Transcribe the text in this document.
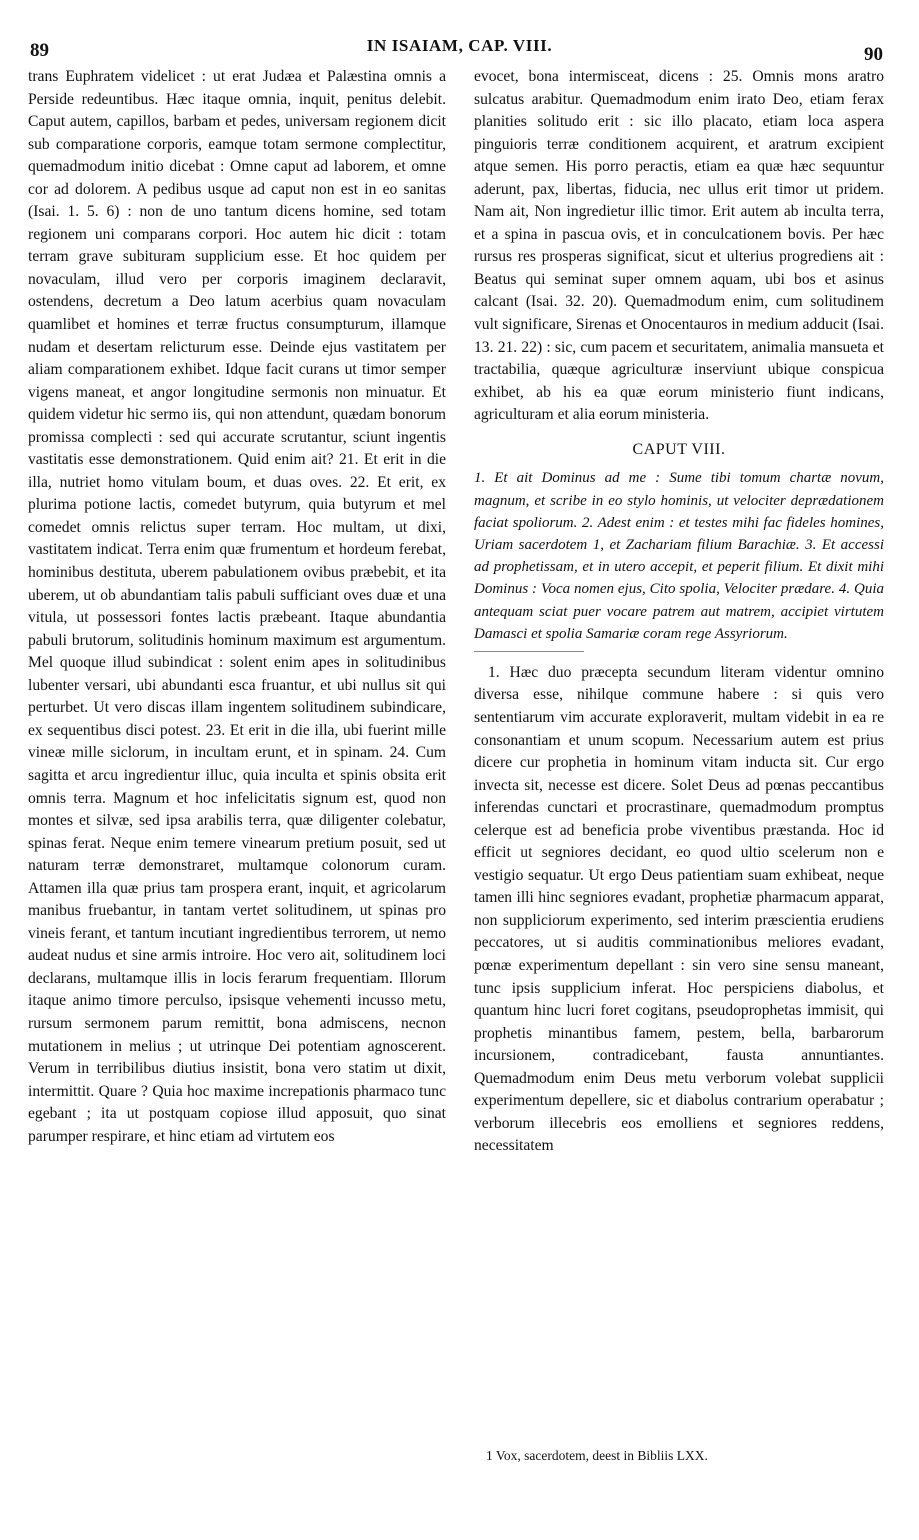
89	IN ISAIAM, CAP. VIII.	90

trans Euphratem videlicet : ut erat Judæa et Palæstina omnis a Perside redeuntibus. Hæc itaque omnia, inquit, penitus delebit. Caput autem, capillos, barbam et pedes, universam regionem dicit sub comparatione corporis, eamque totam sermone complectitur, quemadmodum initio dicebat : Omne caput ad laborem, et omne cor ad dolorem. A pedibus usque ad caput non est in eo sanitas (Isai. 1. 5. 6) : non de uno tantum dicens homine, sed totam regionem uni comparans corpori. Hoc autem hic dicit : totam terram grave subituram supplicium esse. Et hoc quidem per novaculam, illud vero per corporis imaginem declaravit, ostendens, decretum a Deo latum acerbius quam novaculam quamlibet et homines et terræ fructus consumpturum, illamque nudam et desertam relicturum esse. Deinde ejus vastitatem per aliam comparationem exhibet. Idque facit curans ut timor semper vigens maneat, et angor longitudine sermonis non minuatur. Et quidem videtur hic sermo iis, qui non attendunt, quædam bonorum promissa complecti : sed qui accurate scrutantur, sciunt ingentis vastitatis esse demonstrationem. Quid enim ait? 21. Et erit in die illa, nutriet homo vitulam boum, et duas oves. 22. Et erit, ex plurima potione lactis, comedet butyrum, quia butyrum et mel comedet omnis relictus super terram. Hoc multam, ut dixi, vastitatem indicat. Terra enim quæ frumentum et hordeum ferebat, hominibus destituta, uberem pabulationem ovibus præbebit, et ita uberem, ut ob abundantiam talis pabuli sufficiant oves duæ et una vitula, ut possessori fontes lactis præbeant. Itaque abundantia pabuli brutorum, solitudinis hominum maximum est argumentum. Mel quoque illud subindicat : solent enim apes in solitudinibus lubenter versari, ubi abundanti esca fruantur, et ubi nullus sit qui perturbet. Ut vero discas illam ingentem solitudinem subindicare, ex sequentibus disci potest. 23. Et erit in die illa, ubi fuerint mille vineæ mille siclorum, in incultam erunt, et in spinam. 24. Cum sagitta et arcu ingredientur illuc, quia inculta et spinis obsita erit omnis terra. Magnum et hoc infelicitatis signum est, quod non montes et silvæ, sed ipsa arabilis terra, quæ diligenter colebatur, spinas ferat. Neque enim temere vinearum pretium posuit, sed ut naturam terræ demonstraret, multamque colonorum curam. Attamen illa quæ prius tam prospera erant, inquit, et agricolarum manibus fruebantur, in tantam vertet solitudinem, ut spinas pro vineis ferant, et tantum incutiant ingredientibus terrorem, ut nemo audeat nudus et sine armis introire. Hoc vero ait, solitudinem loci declarans, multamque illis in locis ferarum frequentiam. Illorum itaque animo timore perculso, ipsisque vehementi incusso metu, rursum sermonem parum remittit, bona admiscens, necnon mutationem in melius ; ut utrinque Dei potentiam agnoscerent. Verum in terribilibus diutius insistit, bona vero statim ut dixit, intermittit. Quare ? Quia hoc maxime increpationis pharmaco tunc egebant ; ita ut postquam copiose illud apposuit, quo sinat parumper respirare, et hinc etiam ad virtutem eos

evocet, bona intermisceat, dicens : 25. Omnis mons aratro sulcatus arabitur. Quemadmodum enim irato Deo, etiam ferax planities solitudo erit : sic illo placato, etiam loca aspera pinguioris terræ conditionem acquirent, et aratrum excipient atque semen. His porro peractis, etiam ea quæ hæc sequuntur aderunt, pax, libertas, fiducia, nec ullus erit timor ut pridem. Nam ait, Non ingredietur illic timor. Erit autem ab inculta terra, et a spina in pascua ovis, et in conculcationem bovis. Per hæc rursus res prosperas significat, sicut et ulterius progrediens ait : Beatus qui seminat super omnem aquam, ubi bos et asinus calcant (Isai. 32. 20). Quemadmodum enim, cum solitudinem vult significare, Sirenas et Onocentauros in medium adducit (Isai. 13. 21. 22) : sic, cum pacem et securitatem, animalia mansueta et tractabilia, quæque agriculturæ inserviunt ubique conspicua exhibet, ab his ea quæ eorum ministerio fiunt indicans, agriculturam et alia eorum ministeria.

CAPUT VIII.

1. Et ait Dominus ad me : Sume tibi tomum chartæ novum, magnum, et scribe in eo stylo hominis, ut velociter deprædationem faciat spoliorum. 2. Adest enim : et testes mihi fac fideles homines, Uriam sacerdotem 1, et Zachariam filium Barachiæ. 3. Et accessi ad prophetissam, et in utero accepit, et peperit filium. Et dixit mihi Dominus : Voca nomen ejus, Cito spolia, Velociter prædare. 4. Quia antequam sciat puer vocare patrem aut matrem, accipiet virtutem Damasci et spolia Samariæ coram rege Assyriorum.

1. Hæc duo præcepta secundum literam videntur omnino diversa esse, nihilque commune habere : si quis vero sententiarum vim accurate exploraverit, multam videbit in ea re consonantiam et unum scopum. Necessarium autem est prius dicere cur prophetia in hominum vitam inducta sit. Cur ergo invecta sit, necesse est dicere. Solet Deus ad pœnas peccantibus inferendas cunctari et procrastinare, quemadmodum promptus celerque est ad beneficia probe viventibus præstanda. Hoc id efficit ut segniores decidant, eo quod ultio scelerum non e vestigio sequatur. Ut ergo Deus patientiam suam exhibeat, neque tamen illi hinc segniores evadant, prophetiæ pharmacum apparat, non suppliciorum experimento, sed interim præscientia erudiens peccatores, ut si auditis comminationibus meliores evadant, pœnæ experimentum depellant : sin vero sine sensu maneant, tunc ipsis supplicium inferat. Hoc perspiciens diabolus, et quantum hinc lucri foret cogitans, pseudoprophetas immisit, qui prophetis minantibus famem, pestem, bella, barbarorum incursionem, contradicebant, fausta annuntiantes. Quemadmodum enim Deus metu verborum volebat supplicii experimentum depellere, sic et diabolus contrarium operabatur ; verborum illecebris eos emolliens et segniores reddens, necessitatem

1 Vox, sacerdotem, deest in Bibliis LXX.
